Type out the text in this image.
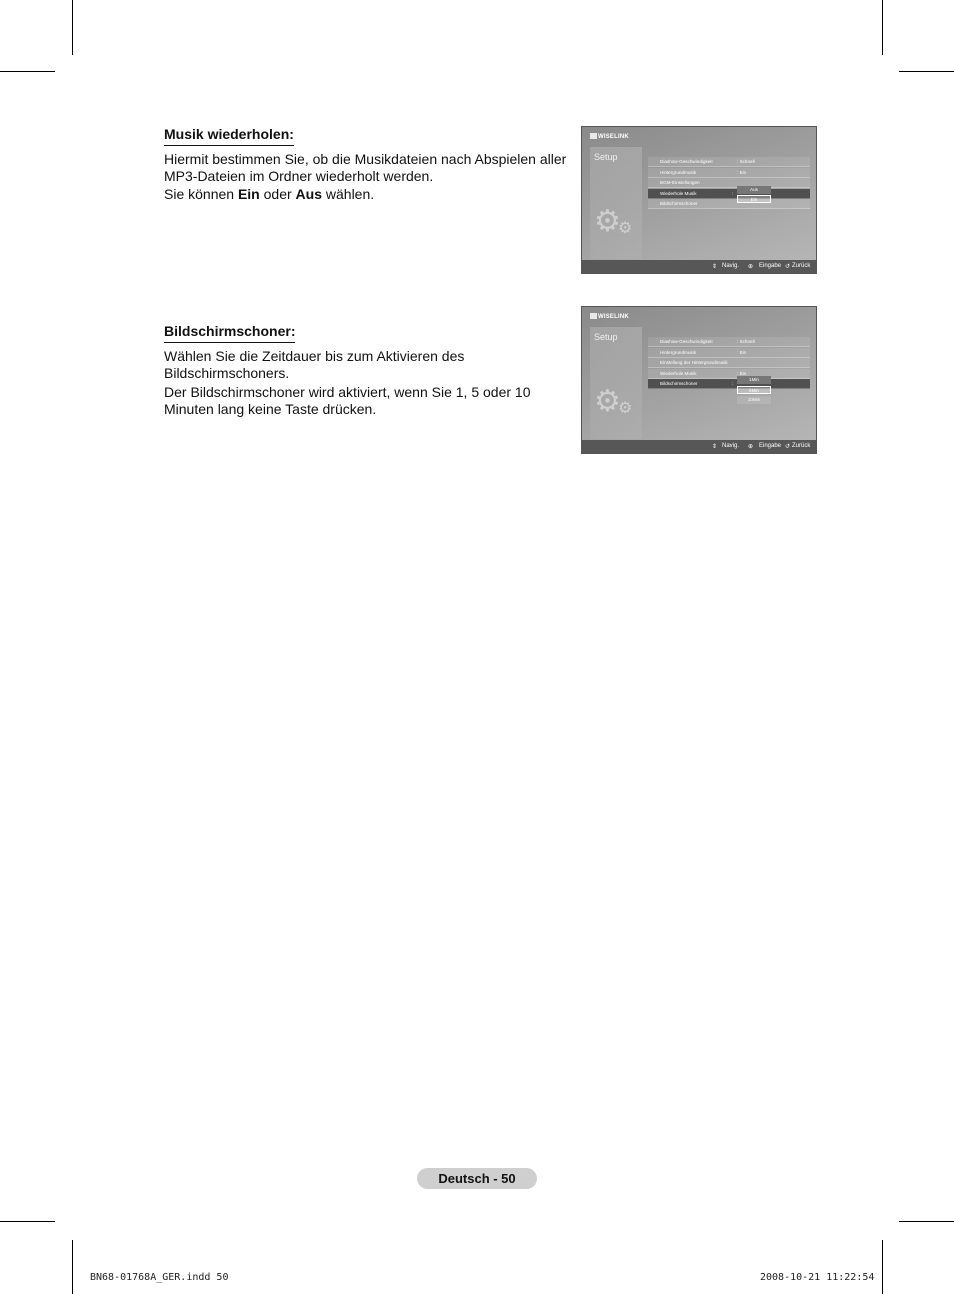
Musik wiederholen:

Hiermit bestimmen Sie, ob die Musikdateien nach Abspielen aller MP3-Dateien im Ordner wiederholt werden.

Sie können Ein oder Aus wählen.

WISELINK
Setup
⚙
⚙
Diashow-Geschwindigkeit	: Schnell
Hintergrundmusik	: Ein
BGM-Einstellungen
Wiederhole Musik	:
Bildschirmschoner
Aus
Ein
⇕ Navig. ⊕ Eingabe ↺ Zurück
Bildschirmschoner:

Wählen Sie die Zeitdauer bis zum Aktivieren des Bildschirmschoners.

Der Bildschirmschoner wird aktiviert, wenn Sie 1, 5 oder 10 Minuten lang keine Taste drücken.

WISELINK
Setup
⚙
⚙
Diashow-Geschwindigkeit	: Schnell
Hintergrundmusik	: Ein
Einstellung der Hintergrundmusik
Wiederhole Musik	: Ein
Bildschirmschoner	:
1Min
5Min
10Min
⇕ Navig. ⊕ Eingabe ↺ Zurück
Deutsch - 50
BN68-01768A_GER.indd 50	2008-10-21 11:22:54
